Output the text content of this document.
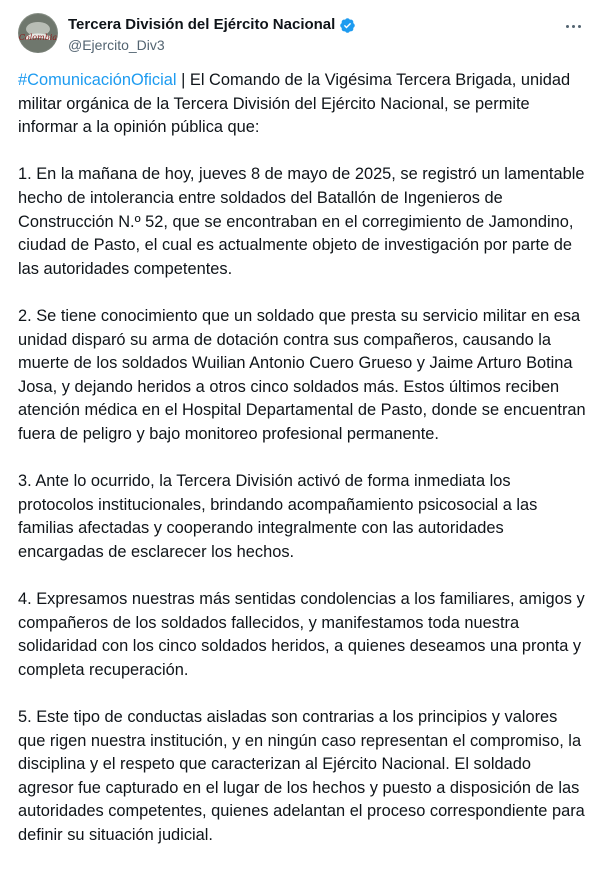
Colombia
Tercera División del Ejército Nacional
@Ejercito_Div3

#ComunicaciónOficial | El Comando de la Vigésima Tercera Brigada, unidad militar orgánica de la Tercera División del Ejército Nacional, se permite informar a la opinión pública que:

1. En la mañana de hoy, jueves 8 de mayo de 2025, se registró un lamentable hecho de intolerancia entre soldados del Batallón de Ingenieros de Construcción N.º 52, que se encontraban en el corregimiento de Jamondino, ciudad de Pasto, el cual es actualmente objeto de investigación por parte de las autoridades competentes.

2. Se tiene conocimiento que un soldado que presta su servicio militar en esa unidad disparó su arma de dotación contra sus compañeros, causando la muerte de los soldados Wuilian Antonio Cuero Grueso y Jaime Arturo Botina Josa, y dejando heridos a otros cinco soldados más. Estos últimos reciben atención médica en el Hospital Departamental de Pasto, donde se encuentran fuera de peligro y bajo monitoreo profesional permanente.

3. Ante lo ocurrido, la Tercera División activó de forma inmediata los protocolos institucionales, brindando acompañamiento psicosocial a las familias afectadas y cooperando integralmente con las autoridades encargadas de esclarecer los hechos.

4. Expresamos nuestras más sentidas condolencias a los familiares, amigos y compañeros de los soldados fallecidos, y manifestamos toda nuestra solidaridad con los cinco soldados heridos, a quienes deseamos una pronta y completa recuperación.

5. Este tipo de conductas aisladas son contrarias a los principios y valores que rigen nuestra institución, y en ningún caso representan el compromiso, la disciplina y el respeto que caracterizan al Ejército Nacional. El soldado agresor fue capturado en el lugar de los hechos y puesto a disposición de las autoridades competentes, quienes adelantan el proceso correspondiente para definir su situación judicial.
